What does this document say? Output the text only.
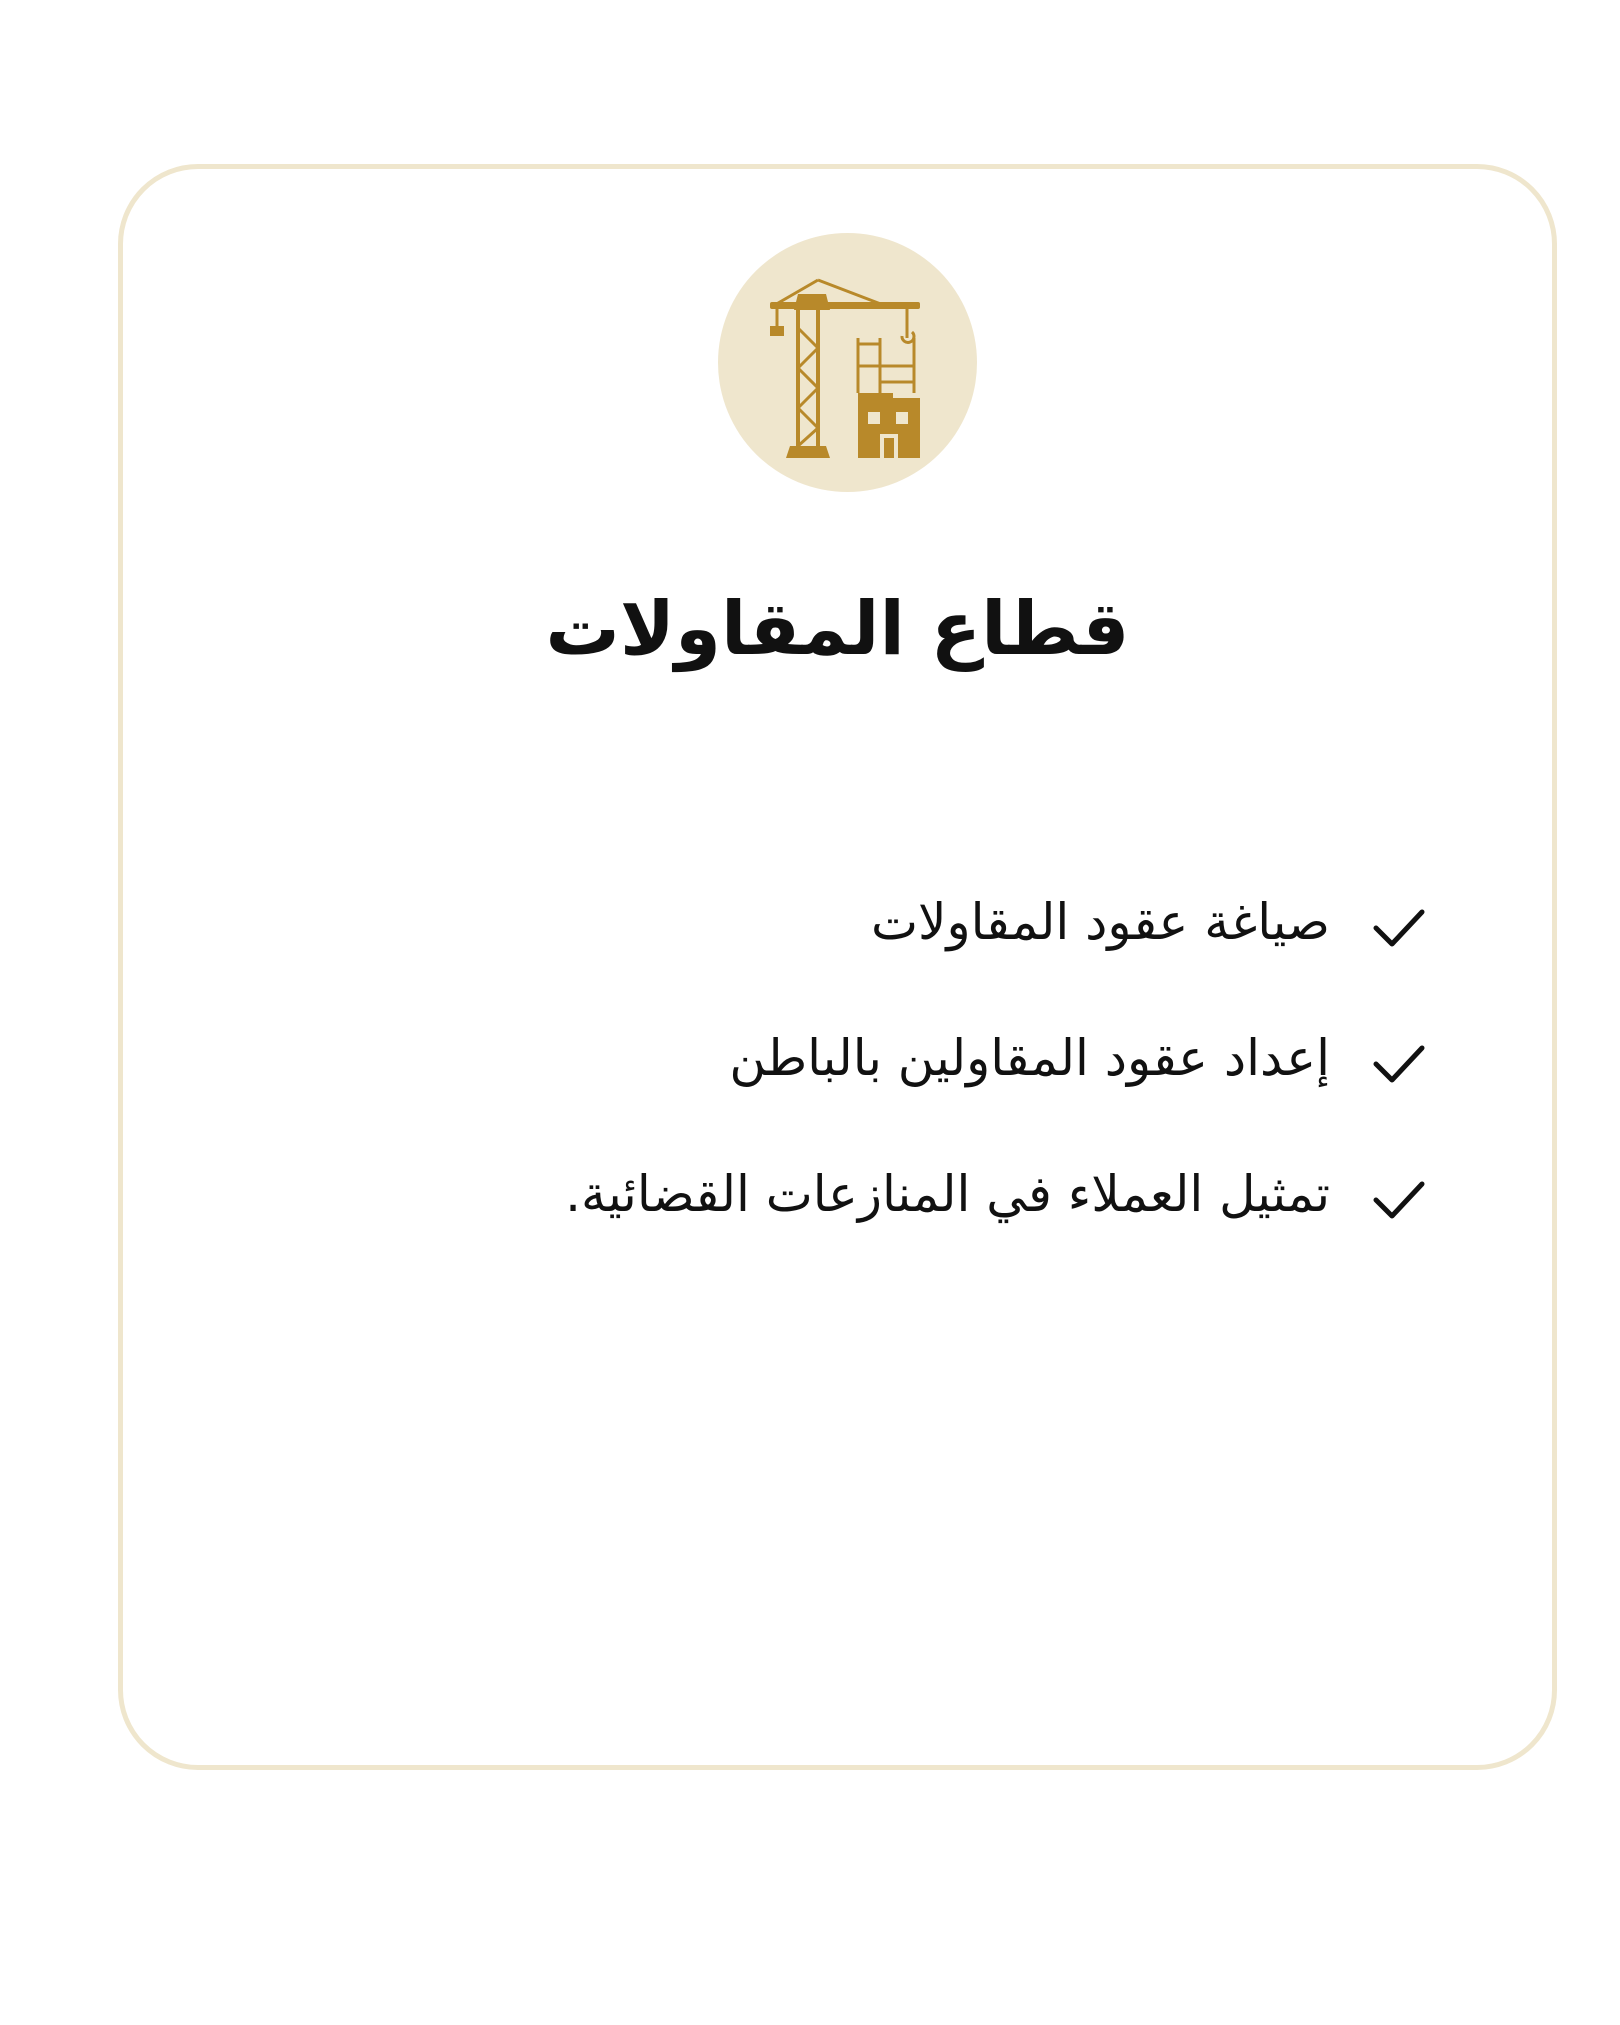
قطاع المقاولات
صياغة عقود المقاولات
إعداد عقود المقاولين بالباطن
تمثيل العملاء في المنازعات القضائية.
